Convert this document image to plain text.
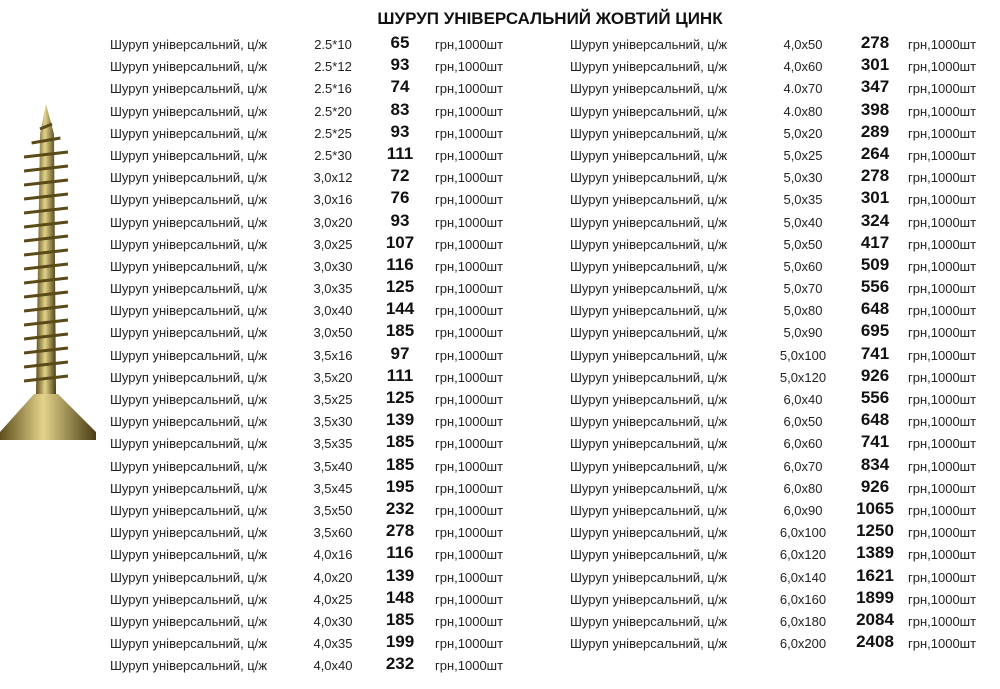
ШУРУП УНІВЕРСАЛЬНИЙ ЖОВТИЙ ЦИНК
Шуруп універсальний, ц/ж	2.5*10	65	грн,1000шт
Шуруп універсальний, ц/ж	2.5*12	93	грн,1000шт
Шуруп універсальний, ц/ж	2.5*16	74	грн,1000шт
Шуруп універсальний, ц/ж	2.5*20	83	грн,1000шт
Шуруп універсальний, ц/ж	2.5*25	93	грн,1000шт
Шуруп універсальний, ц/ж	2.5*30	111	грн,1000шт
Шуруп універсальний, ц/ж	3,0x12	72	грн,1000шт
Шуруп універсальний, ц/ж	3,0x16	76	грн,1000шт
Шуруп універсальний, ц/ж	3,0x20	93	грн,1000шт
Шуруп універсальний, ц/ж	3,0x25	107	грн,1000шт
Шуруп універсальний, ц/ж	3,0x30	116	грн,1000шт
Шуруп універсальний, ц/ж	3,0x35	125	грн,1000шт
Шуруп універсальний, ц/ж	3,0x40	144	грн,1000шт
Шуруп універсальний, ц/ж	3,0x50	185	грн,1000шт
Шуруп універсальний, ц/ж	3,5x16	97	грн,1000шт
Шуруп універсальний, ц/ж	3,5x20	111	грн,1000шт
Шуруп універсальний, ц/ж	3,5x25	125	грн,1000шт
Шуруп універсальний, ц/ж	3,5x30	139	грн,1000шт
Шуруп універсальний, ц/ж	3,5x35	185	грн,1000шт
Шуруп універсальний, ц/ж	3,5x40	185	грн,1000шт
Шуруп універсальний, ц/ж	3,5x45	195	грн,1000шт
Шуруп універсальний, ц/ж	3,5x50	232	грн,1000шт
Шуруп універсальний, ц/ж	3,5x60	278	грн,1000шт
Шуруп універсальний, ц/ж	4,0x16	116	грн,1000шт
Шуруп універсальний, ц/ж	4,0x20	139	грн,1000шт
Шуруп універсальний, ц/ж	4,0x25	148	грн,1000шт
Шуруп універсальний, ц/ж	4,0x30	185	грн,1000шт
Шуруп універсальний, ц/ж	4,0x35	199	грн,1000шт
Шуруп універсальний, ц/ж	4,0x40	232	грн,1000шт
Шуруп універсальний, ц/ж	4,0x50	278	грн,1000шт
Шуруп універсальний, ц/ж	4,0x60	301	грн,1000шт
Шуруп універсальний, ц/ж	4.0x70	347	грн,1000шт
Шуруп універсальний, ц/ж	4.0x80	398	грн,1000шт
Шуруп універсальний, ц/ж	5,0x20	289	грн,1000шт
Шуруп універсальний, ц/ж	5,0x25	264	грн,1000шт
Шуруп універсальний, ц/ж	5,0x30	278	грн,1000шт
Шуруп універсальний, ц/ж	5,0x35	301	грн,1000шт
Шуруп універсальний, ц/ж	5,0x40	324	грн,1000шт
Шуруп універсальний, ц/ж	5,0x50	417	грн,1000шт
Шуруп універсальний, ц/ж	5,0x60	509	грн,1000шт
Шуруп універсальний, ц/ж	5,0x70	556	грн,1000шт
Шуруп універсальний, ц/ж	5,0x80	648	грн,1000шт
Шуруп універсальний, ц/ж	5,0x90	695	грн,1000шт
Шуруп універсальний, ц/ж	5,0x100	741	грн,1000шт
Шуруп універсальний, ц/ж	5,0x120	926	грн,1000шт
Шуруп універсальний, ц/ж	6,0x40	556	грн,1000шт
Шуруп універсальний, ц/ж	6,0x50	648	грн,1000шт
Шуруп універсальний, ц/ж	6,0x60	741	грн,1000шт
Шуруп універсальний, ц/ж	6,0x70	834	грн,1000шт
Шуруп універсальний, ц/ж	6,0x80	926	грн,1000шт
Шуруп універсальний, ц/ж	6,0x90	1065	грн,1000шт
Шуруп універсальний, ц/ж	6,0x100	1250	грн,1000шт
Шуруп універсальний, ц/ж	6,0x120	1389	грн,1000шт
Шуруп універсальний, ц/ж	6,0x140	1621	грн,1000шт
Шуруп універсальний, ц/ж	6,0x160	1899	грн,1000шт
Шуруп універсальний, ц/ж	6,0x180	2084	грн,1000шт
Шуруп універсальний, ц/ж	6,0x200	2408	грн,1000шт
